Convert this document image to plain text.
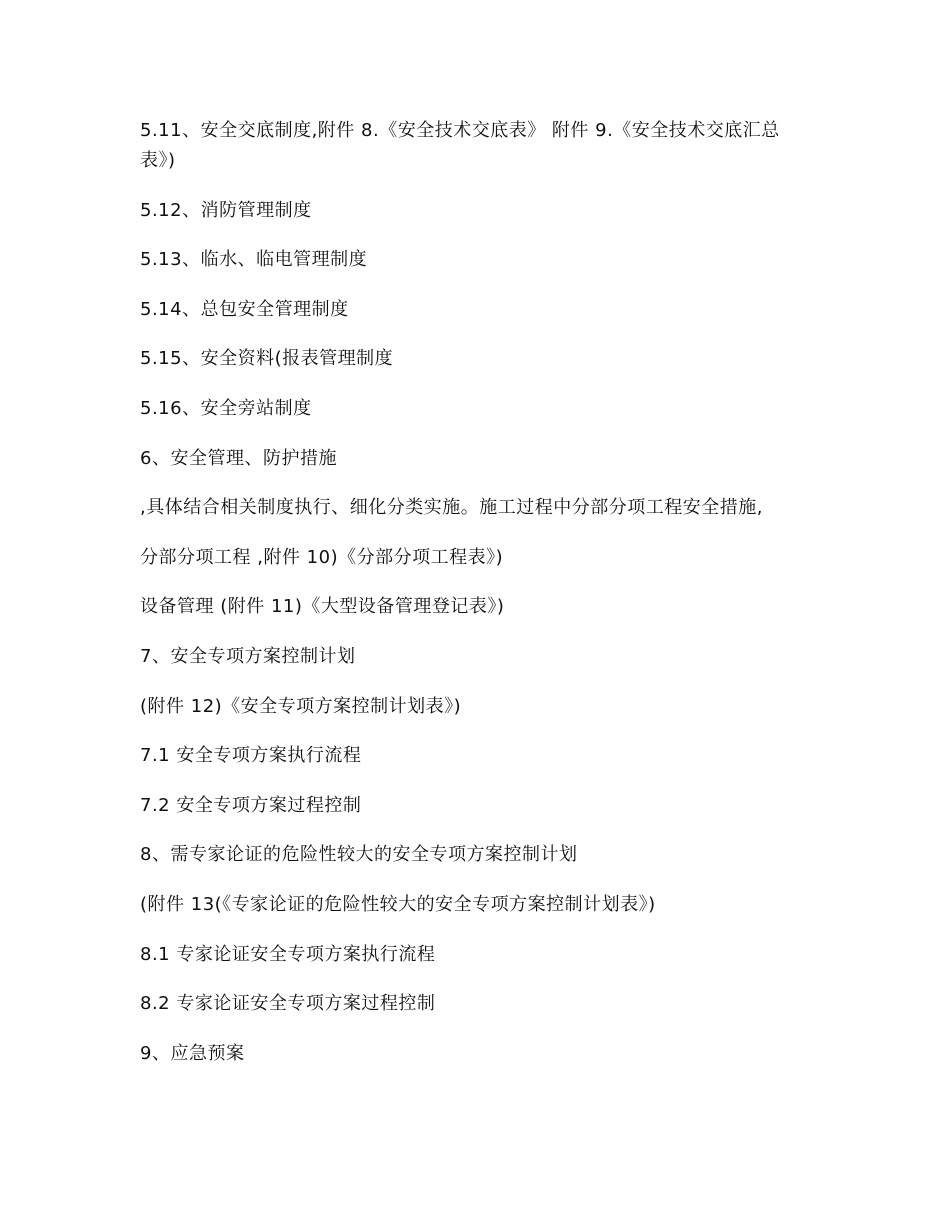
5.11、安全交底制度,附件 8.《安全技术交底表》 附件 9.《安全技术交底汇总表》)

5.12、消防管理制度

5.13、临水、临电管理制度

5.14、总包安全管理制度

5.15、安全资料(报表管理制度

5.16、安全旁站制度

6、安全管理、防护措施

,具体结合相关制度执行、细化分类实施。施工过程中分部分项工程安全措施,

分部分项工程 ,附件 10)《分部分项工程表》)

设备管理 (附件 11)《大型设备管理登记表》)

7、安全专项方案控制计划

(附件 12)《安全专项方案控制计划表》)

7.1 安全专项方案执行流程

7.2 安全专项方案过程控制

8、需专家论证的危险性较大的安全专项方案控制计划

(附件 13(《专家论证的危险性较大的安全专项方案控制计划表》)

8.1 专家论证安全专项方案执行流程

8.2 专家论证安全专项方案过程控制

9、应急预案
